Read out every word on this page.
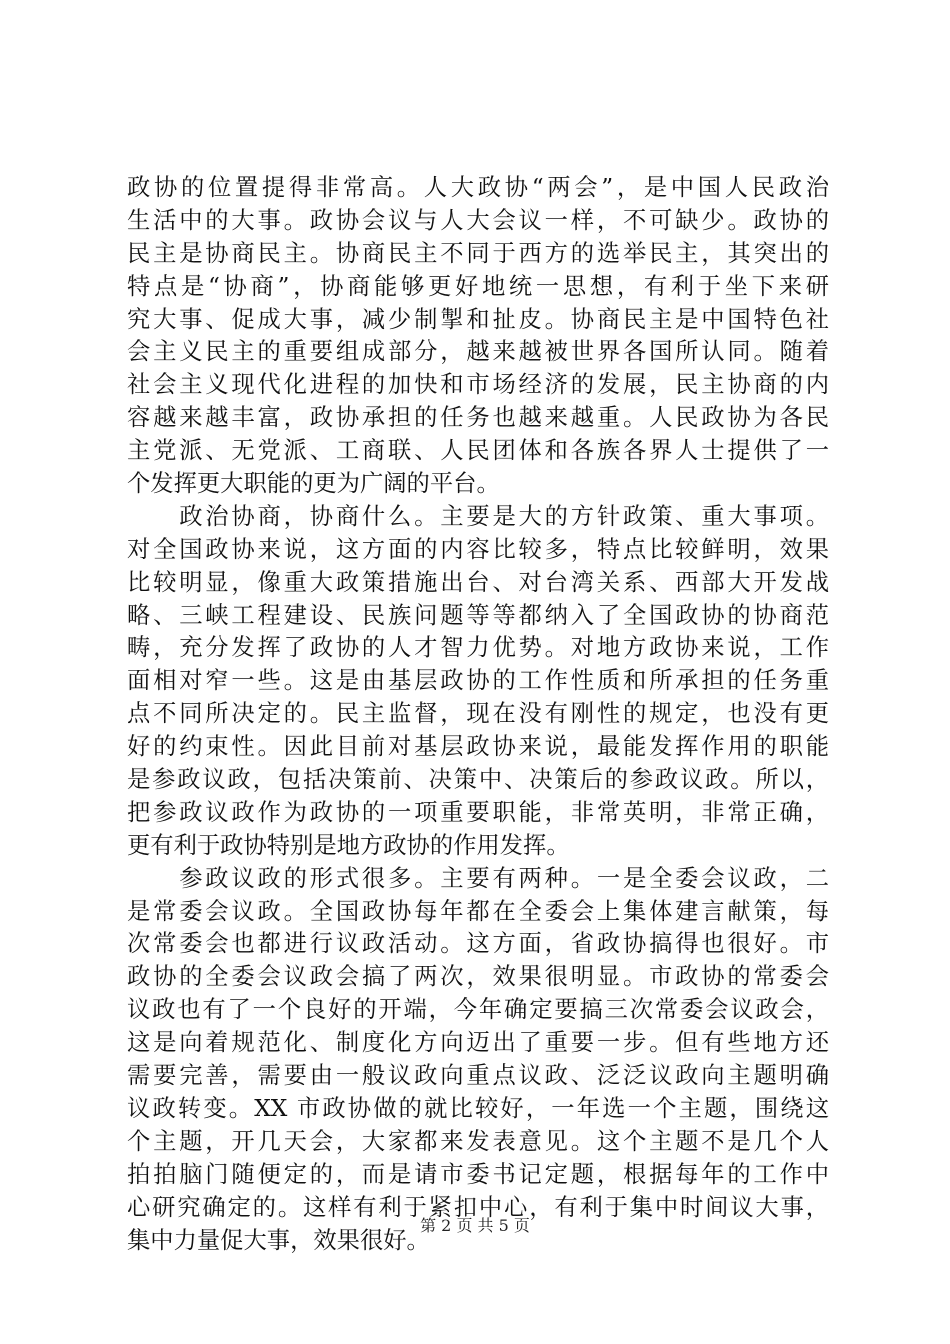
政协的位置提得非常高。人大政协“两会”，是中国人民政治
生活中的大事。政协会议与人大会议一样，不可缺少。政协的
民主是协商民主。协商民主不同于西方的选举民主，其突出的
特点是“协商”，协商能够更好地统一思想，有利于坐下来研
究大事、促成大事，减少制掣和扯皮。协商民主是中国特色社
会主义民主的重要组成部分，越来越被世界各国所认同。随着
社会主义现代化进程的加快和市场经济的发展，民主协商的内
容越来越丰富，政协承担的任务也越来越重。人民政协为各民
主党派、无党派、工商联、人民团体和各族各界人士提供了一
个发挥更大职能的更为广阔的平台。
　　政治协商，协商什么。主要是大的方针政策、重大事项。
对全国政协来说，这方面的内容比较多，特点比较鲜明，效果
比较明显，像重大政策措施出台、对台湾关系、西部大开发战
略、三峡工程建设、民族问题等等都纳入了全国政协的协商范
畴，充分发挥了政协的人才智力优势。对地方政协来说，工作
面相对窄一些。这是由基层政协的工作性质和所承担的任务重
点不同所决定的。民主监督，现在没有刚性的规定，也没有更
好的约束性。因此目前对基层政协来说，最能发挥作用的职能
是参政议政，包括决策前、决策中、决策后的参政议政。所以，
把参政议政作为政协的一项重要职能，非常英明，非常正确，
更有利于政协特别是地方政协的作用发挥。
　　参政议政的形式很多。主要有两种。一是全委会议政，二
是常委会议政。全国政协每年都在全委会上集体建言献策，每
次常委会也都进行议政活动。这方面，省政协搞得也很好。市
政协的全委会议政会搞了两次，效果很明显。市政协的常委会
议政也有了一个良好的开端，今年确定要搞三次常委会议政会，
这是向着规范化、制度化方向迈出了重要一步。但有些地方还
需要完善，需要由一般议政向重点议政、泛泛议政向主题明确
议政转变。XX 市政协做的就比较好，一年选一个主题，围绕这
个主题，开几天会，大家都来发表意见。这个主题不是几个人
拍拍脑门随便定的，而是请市委书记定题，根据每年的工作中
心研究确定的。这样有利于紧扣中心，有利于集中时间议大事，
集中力量促大事，效果很好。
第 2 页 共 5 页
